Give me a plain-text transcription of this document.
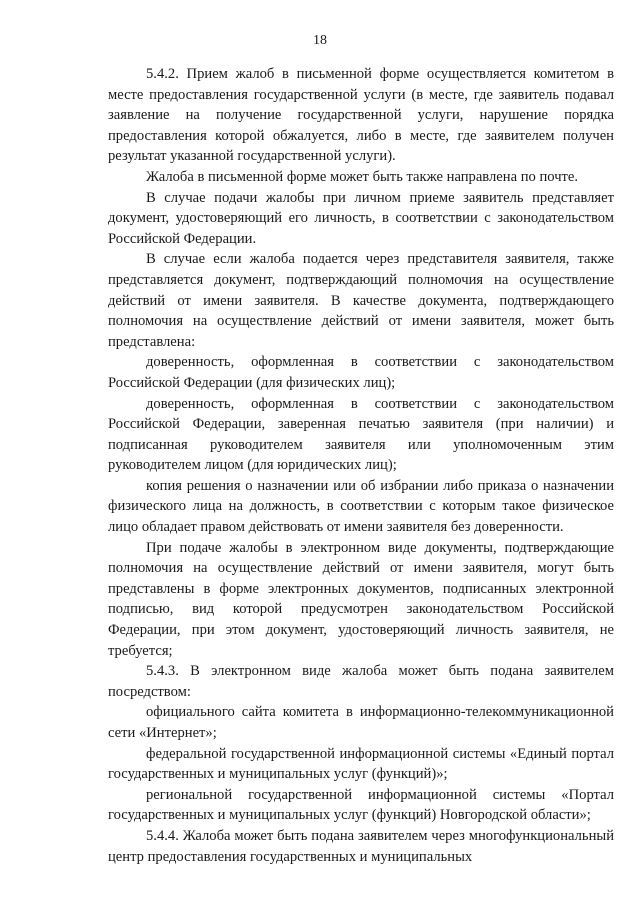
18

5.4.2. Прием жалоб в письменной форме осуществляется комитетом в месте предоставления государственной услуги (в месте, где заявитель подавал заявление на получение государственной услуги, нарушение порядка предоставления которой обжалуется, либо в месте, где заявителем получен результат указанной государственной услуги).

Жалоба в письменной форме может быть также направлена по почте.

В случае подачи жалобы при личном приеме заявитель представляет документ, удостоверяющий его личность, в соответствии с законодательством Российской Федерации.

В случае если жалоба подается через представителя заявителя, также представляется документ, подтверждающий полномочия на осуществление действий от имени заявителя. В качестве документа, подтверждающего полномочия на осуществление действий от имени заявителя, может быть представлена:

доверенность, оформленная в соответствии с законодательством Российской Федерации (для физических лиц);

доверенность, оформленная в соответствии с законодательством Российской Федерации, заверенная печатью заявителя (при наличии) и подписанная руководителем заявителя или уполномоченным этим руководителем лицом (для юридических лиц);

копия решения о назначении или об избрании либо приказа о назначении физического лица на должность, в соответствии с которым такое физическое лицо обладает правом действовать от имени заявителя без доверенности.

При подаче жалобы в электронном виде документы, подтверждающие полномочия на осуществление действий от имени заявителя, могут быть представлены в форме электронных документов, подписанных электронной подписью, вид которой предусмотрен законодательством Российской Федерации, при этом документ, удостоверяющий личность заявителя, не требуется;

5.4.3. В электронном виде жалоба может быть подана заявителем посредством:

официального сайта комитета в информационно-телекоммуникационной сети «Интернет»;

федеральной государственной информационной системы «Единый портал государственных и муниципальных услуг (функций)»;

региональной государственной информационной системы «Портал государственных и муниципальных услуг (функций) Новгородской области»;

5.4.4. Жалоба может быть подана заявителем через многофункциональный центр предоставления государственных и муниципальных
